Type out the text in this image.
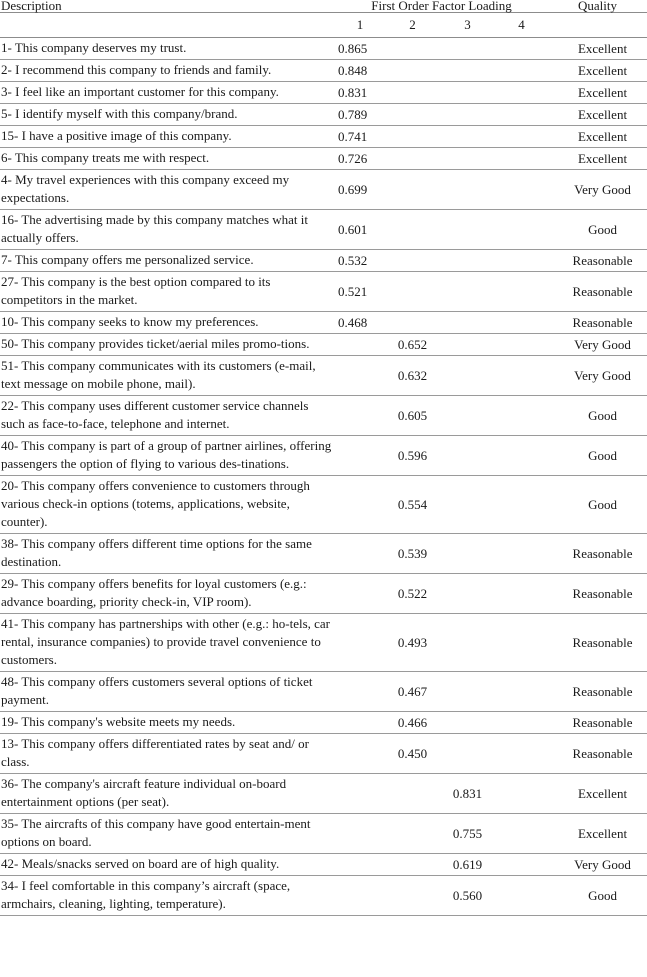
Description	First Order Factor Loading				Quality
	1	2	3	4	
1- This company deserves my trust.	0.865				Excellent
2- I recommend this company to friends and family.	0.848				Excellent
3- I feel like an important customer for this company.	0.831				Excellent
5- I identify myself with this company/brand.	0.789				Excellent
15- I have a positive image of this company.	0.741				Excellent
6- This company treats me with respect.	0.726				Excellent
4- My travel experiences with this company exceed my expectations.	0.699				Very Good
16- The advertising made by this company matches what it actually offers.	0.601				Good
7- This company offers me personalized service.	0.532				Reasonable
27- This company is the best option compared to its competitors in the market.	0.521				Reasonable
10- This company seeks to know my preferences.	0.468				Reasonable
50- This company provides ticket/aerial miles promo-tions.		0.652			Very Good
51- This company communicates with its customers (e-mail, text message on mobile phone, mail).		0.632			Very Good
22- This company uses different customer service channels such as face-to-face, telephone and internet.		0.605			Good
40- This company is part of a group of partner airlines, offering passengers the option of flying to various des-tinations.		0.596			Good
20- This company offers convenience to customers through various check-in options (totems, applications, website, counter).		0.554			Good
38- This company offers different time options for the same destination.		0.539			Reasonable
29- This company offers benefits for loyal customers (e.g.: advance boarding, priority check-in, VIP room).		0.522			Reasonable
41- This company has partnerships with other (e.g.: ho-tels, car rental, insurance companies) to provide travel convenience to customers.		0.493			Reasonable
48- This company offers customers several options of ticket payment.		0.467			Reasonable
19- This company's website meets my needs.		0.466			Reasonable
13- This company offers differentiated rates by seat and/ or class.		0.450			Reasonable
36- The company's aircraft feature individual on-board entertainment options (per seat).			0.831		Excellent
35- The aircrafts of this company have good entertain-ment options on board.			0.755		Excellent
42- Meals/snacks served on board are of high quality.			0.619		Very Good
34- I feel comfortable in this company’s aircraft (space, armchairs, cleaning, lighting, temperature).			0.560		Good
